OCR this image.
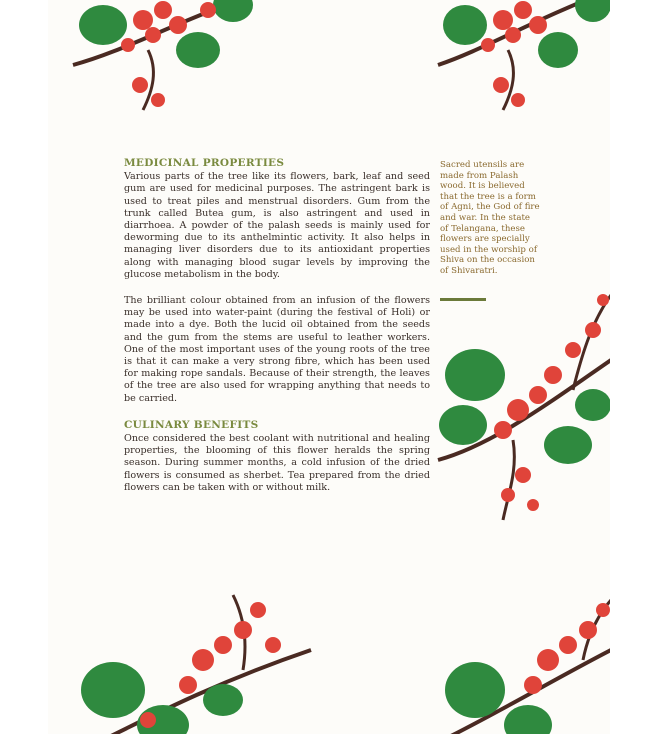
MEDICINAL PROPERTIES

Various parts of the tree like its flowers, bark, leaf and seed gum are used for medicinal purposes. The astringent bark is used to treat piles and menstrual disorders. Gum from the trunk called Butea gum, is also astringent and used in diarrhoea. A powder of the palash seeds is mainly used for deworming due to its anthelmintic activity. It also helps in managing liver disorders due to its antioxidant properties along with managing blood sugar levels by improving the glucose metabolism in the body.

The brilliant colour obtained from an infusion of the flowers may be used into water-paint (during the festival of Holi) or made into a dye. Both the lucid oil obtained from the seeds and the gum from the stems are useful to leather workers. One of the most important uses of the young roots of the tree is that it can make a very strong fibre, which has been used for making rope sandals. Because of their strength, the leaves of the tree are also used for wrapping anything that needs to be carried.

CULINARY BENEFITS

Once considered the best coolant with nutritional and healing properties, the blooming of this flower heralds the spring season. During summer months, a cold infusion of the dried flowers is consumed as sherbet. Tea prepared from the dried flowers can be taken with or without milk.

Sacred utensils are made from Palash wood. It is believed that the tree is a form of Agni, the God of fire and war. In the state of Telangana, these flowers are specially used in the worship of Shiva on the occasion of Shivaratri.
